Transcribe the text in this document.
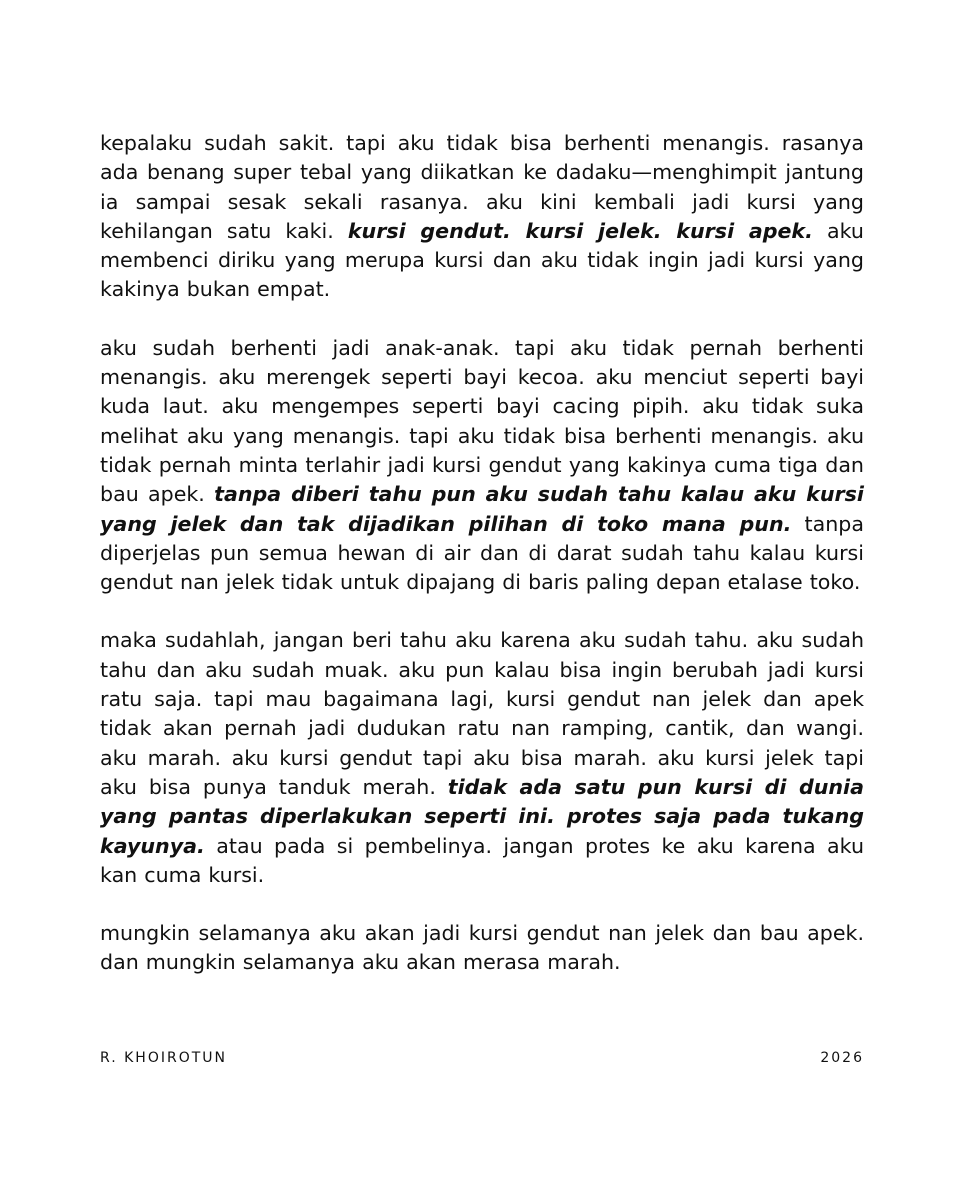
kepalaku sudah sakit. tapi aku tidak bisa berhenti menangis. rasanya ada benang super tebal yang diikatkan ke dadaku—menghimpit jantung ia sampai sesak sekali rasanya. aku kini kembali jadi kursi yang kehilangan satu kaki. kursi gendut. kursi jelek. kursi apek. aku membenci diriku yang merupa kursi dan aku tidak ingin jadi kursi yang kakinya bukan empat.

aku sudah berhenti jadi anak-anak. tapi aku tidak pernah berhenti menangis. aku merengek seperti bayi kecoa. aku menciut seperti bayi kuda laut. aku mengempes seperti bayi cacing pipih. aku tidak suka melihat aku yang menangis. tapi aku tidak bisa berhenti menangis. aku tidak pernah minta terlahir jadi kursi gendut yang kakinya cuma tiga dan bau apek. tanpa diberi tahu pun aku sudah tahu kalau aku kursi yang jelek dan tak dijadikan pilihan di toko mana pun. tanpa diperjelas pun semua hewan di air dan di darat sudah tahu kalau kursi gendut nan jelek tidak untuk dipajang di baris paling depan etalase toko.

maka sudahlah, jangan beri tahu aku karena aku sudah tahu. aku sudah tahu dan aku sudah muak. aku pun kalau bisa ingin berubah jadi kursi ratu saja. tapi mau bagaimana lagi, kursi gendut nan jelek dan apek tidak akan pernah jadi dudukan ratu nan ramping, cantik, dan wangi. aku marah. aku kursi gendut tapi aku bisa marah. aku kursi jelek tapi aku bisa punya tanduk merah. tidak ada satu pun kursi di dunia yang pantas diperlakukan seperti ini. protes saja pada tukang kayunya. atau pada si pembelinya. jangan protes ke aku karena aku kan cuma kursi.

mungkin selamanya aku akan jadi kursi gendut nan jelek dan bau apek. dan mungkin selamanya aku akan merasa marah.

R. KHOIROTUN	2026
